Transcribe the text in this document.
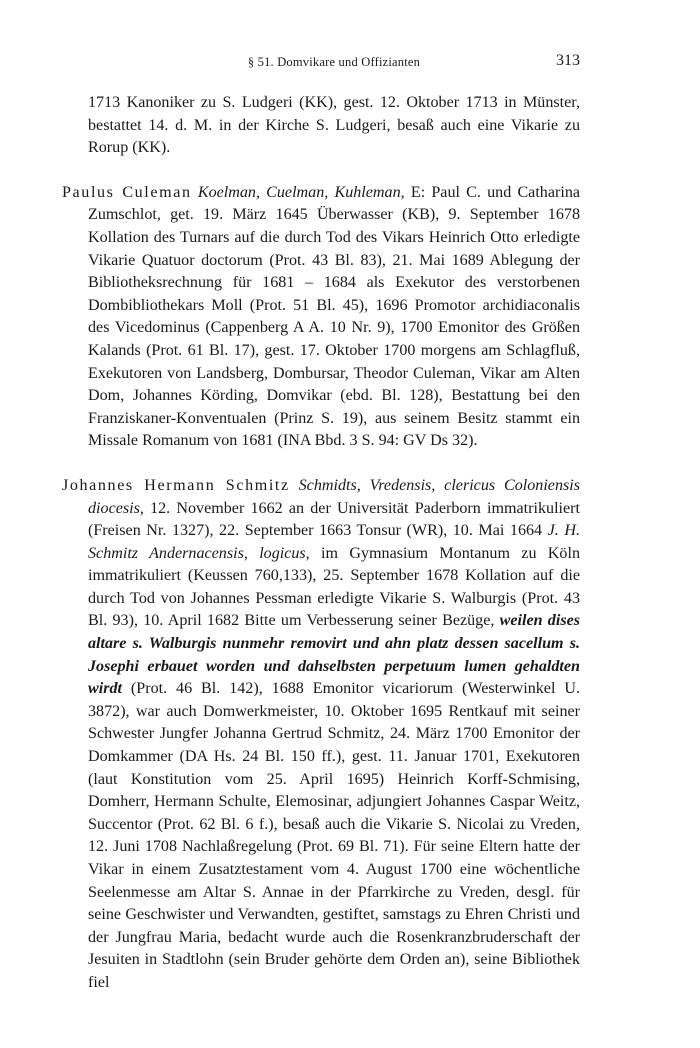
§ 51. Domvikare und Offizianten	313

1713 Kanoniker zu S. Ludgeri (KK), gest. 12. Oktober 1713 in Münster, bestattet 14. d. M. in der Kirche S. Ludgeri, besaß auch eine Vikarie zu Rorup (KK).

Paulus Culeman Koelman, Cuelman, Kuhleman, E: Paul C. und Catharina Zumschlot, get. 19. März 1645 Überwasser (KB), 9. September 1678 Kollation des Turnars auf die durch Tod des Vikars Heinrich Otto erledigte Vikarie Quatuor doctorum (Prot. 43 Bl. 83), 21. Mai 1689 Ablegung der Bibliotheksrechnung für 1681 – 1684 als Exekutor des verstorbenen Dombibliothekars Moll (Prot. 51 Bl. 45), 1696 Promotor archidiaconalis des Vicedominus (Cappenberg A A. 10 Nr. 9), 1700 Emonitor des Größen Kalands (Prot. 61 Bl. 17), gest. 17. Oktober 1700 morgens am Schlagfluß, Exekutoren von Landsberg, Dombursar, Theodor Culeman, Vikar am Alten Dom, Johannes Körding, Domvikar (ebd. Bl. 128), Bestattung bei den Franziskaner-Konventualen (Prinz S. 19), aus seinem Besitz stammt ein Missale Romanum von 1681 (INA Bbd. 3 S. 94: GV Ds 32).

Johannes Hermann Schmitz Schmidts, Vredensis, clericus Coloniensis diocesis, 12. November 1662 an der Universität Paderborn immatrikuliert (Freisen Nr. 1327), 22. September 1663 Tonsur (WR), 10. Mai 1664 J. H. Schmitz Andernacensis, logicus, im Gymnasium Montanum zu Köln immatrikuliert (Keussen 760,133), 25. September 1678 Kollation auf die durch Tod von Johannes Pessman erledigte Vikarie S. Walburgis (Prot. 43 Bl. 93), 10. April 1682 Bitte um Verbesserung seiner Bezüge, weilen dises altare s. Walburgis nunmehr removirt und ahn platz dessen sacellum s. Josephi erbauet worden und dahselbsten perpetuum lumen gehaldten wirdt (Prot. 46 Bl. 142), 1688 Emonitor vicariorum (Westerwinkel U. 3872), war auch Domwerkmeister, 10. Oktober 1695 Rentkauf mit seiner Schwester Jungfer Johanna Gertrud Schmitz, 24. März 1700 Emonitor der Domkammer (DA Hs. 24 Bl. 150 ff.), gest. 11. Januar 1701, Exekutoren (laut Konstitution vom 25. April 1695) Heinrich Korff-Schmising, Domherr, Hermann Schulte, Elemosinar, adjungiert Johannes Caspar Weitz, Succentor (Prot. 62 Bl. 6 f.), besaß auch die Vikarie S. Nicolai zu Vreden, 12. Juni 1708 Nachlaßregelung (Prot. 69 Bl. 71). Für seine Eltern hatte der Vikar in einem Zusatztestament vom 4. August 1700 eine wöchentliche Seelenmesse am Altar S. Annae in der Pfarrkirche zu Vreden, desgl. für seine Geschwister und Verwandten, gestiftet, samstags zu Ehren Christi und der Jungfrau Maria, bedacht wurde auch die Rosenkranzbruderschaft der Jesuiten in Stadtlohn (sein Bruder gehörte dem Orden an), seine Bibliothek fiel
